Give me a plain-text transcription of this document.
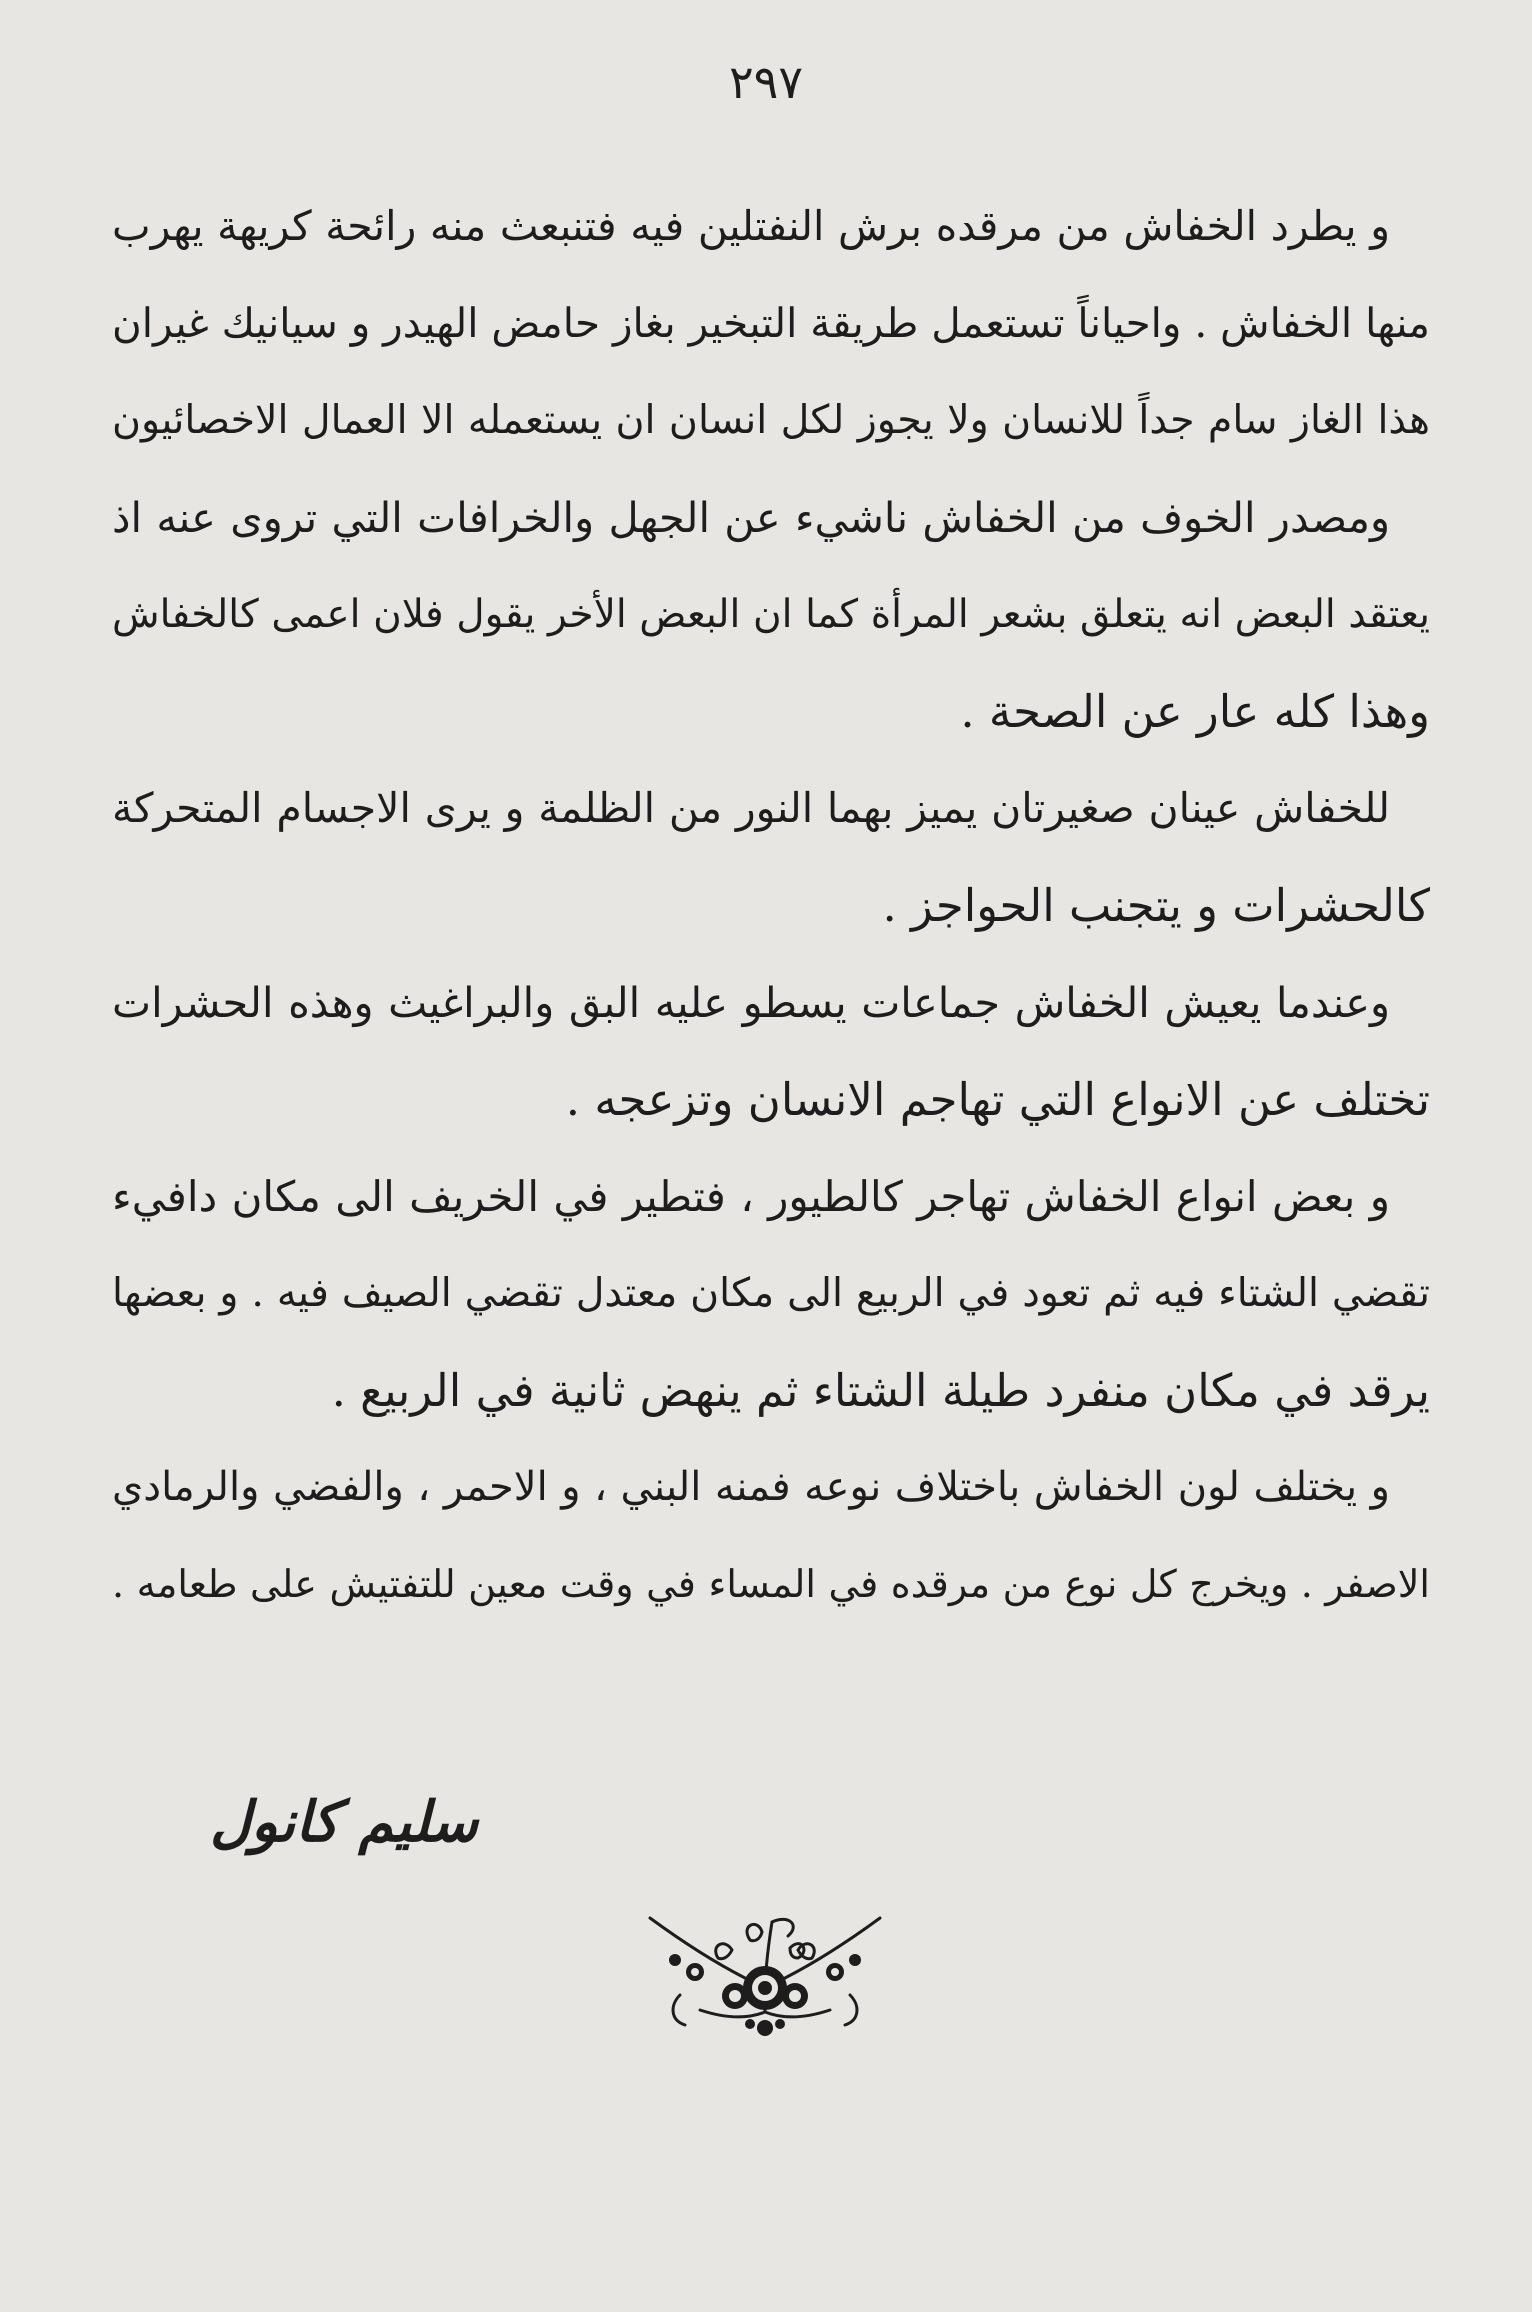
٢٩٧
و يطرد الخفاش من مرقده برش النفتلين فيه فتنبعث منه رائحة كريهة يهرب
منها الخفاش . واحياناً تستعمل طريقة التبخير بغاز حامض الهيدر و سيانيك غيران
هذا الغاز سام جداً للانسان ولا يجوز لكل انسان ان يستعمله الا العمال الاخصائيون
ومصدر الخوف من الخفاش ناشيء عن الجهل والخرافات التي تروى عنه اذ
يعتقد البعض انه يتعلق بشعر المرأة كما ان البعض الأخر يقول فلان اعمى كالخفاش
وهذا كله عار عن الصحة .
للخفاش عينان صغيرتان يميز بهما النور من الظلمة و يرى الاجسام المتحركة
كالحشرات و يتجنب الحواجز .
وعندما يعيش الخفاش جماعات يسطو عليه البق والبراغيث وهذه الحشرات
تختلف عن الانواع التي تهاجم الانسان وتزعجه .
و بعض انواع الخفاش تهاجر كالطيور ، فتطير في الخريف الى مكان دافيء
تقضي الشتاء فيه ثم تعود في الربيع الى مكان معتدل تقضي الصيف فيه . و بعضها
يرقد في مكان منفرد طيلة الشتاء ثم ينهض ثانية في الربيع .
و يختلف لون الخفاش باختلاف نوعه فمنه البني ، و الاحمر ، والفضي والرمادي
الاصفر . ويخرج كل نوع من مرقده في المساء في وقت معين للتفتيش على طعامه .
سليم كانول
